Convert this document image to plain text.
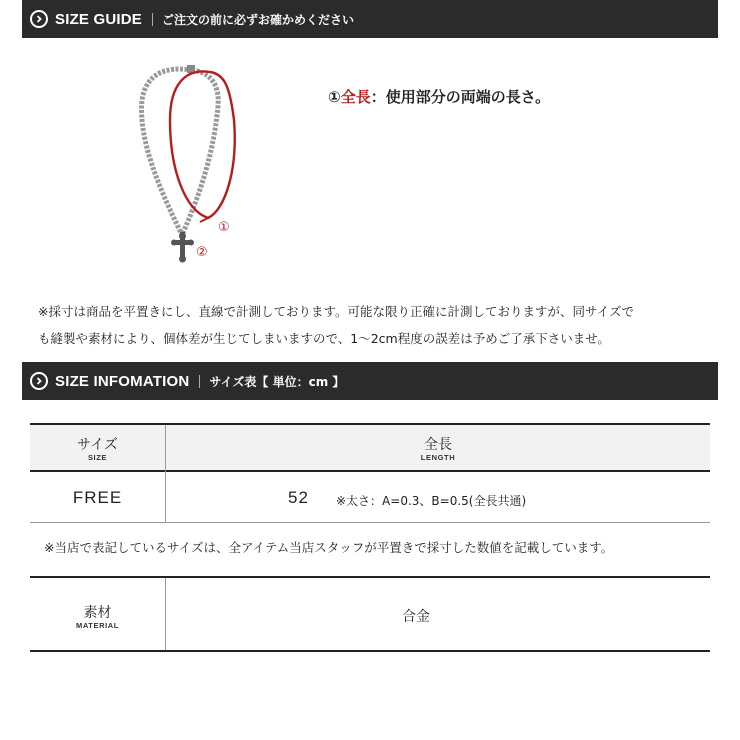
SIZE GUIDE ご注文の前に必ずお確かめください
①
②
①全長：使用部分の両端の長さ。
※採寸は商品を平置きにし、直線で計測しております。可能な限り正確に計測しておりますが、同サイズで
も縫製や素材により、個体差が生じてしまいますので、1～2cm程度の誤差は予めご了承下さいませ。
SIZE INFOMATION サイズ表【 単位：cm 】
サイズ
SIZE
全長
LENGTH
FREE	52 ※太さ：A=0.3、B=0.5(全長共通)
※当店で表記しているサイズは、全アイテム当店スタッフが平置きで採寸した数値を記載しています。
素材
MATERIAL
合金
